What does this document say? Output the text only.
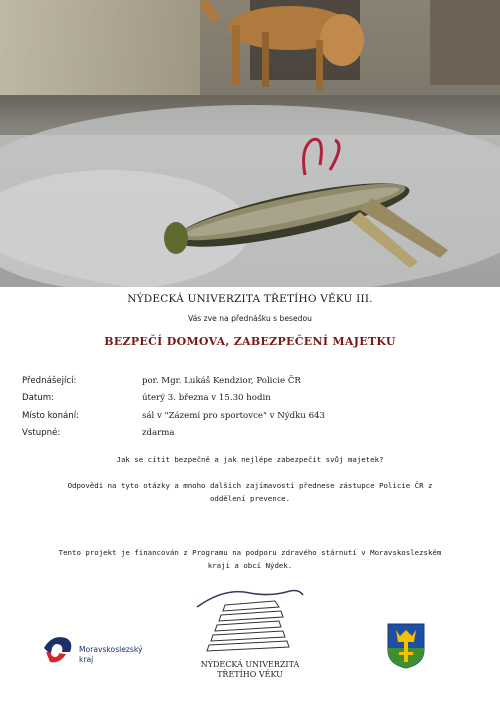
NÝDECKÁ UNIVERZITA TŘETÍHO VĚKU III.
Vás zve na přednášku s besedou
BEZPEČÍ DOMOVA, ZABEZPEČENÍ MAJETKU
Přednášející:	por. Mgr. Lukáš Kendzior, Policie ČR
Datum:	úterý 3. března v 15.30 hodin
Místo konání:	sál v "Zázemí pro sportovce" v Nýdku 643
Vstupné:	zdarma
Jak se cítit bezpečně a jak nejlépe zabezpečit svůj majetek?
Odpovědi na tyto otázky a mnoho dalších zajímavostí přednese zástupce Policie ČR z oddělení prevence.
Tento projekt je financován z Programu na podporu zdravého stárnutí v Moravskoslezském kraji a obcí Nýdek.
Moravskoslezský
kraj
NÝDECKÁ UNIVERZITA
TŘETÍHO VĚKU
